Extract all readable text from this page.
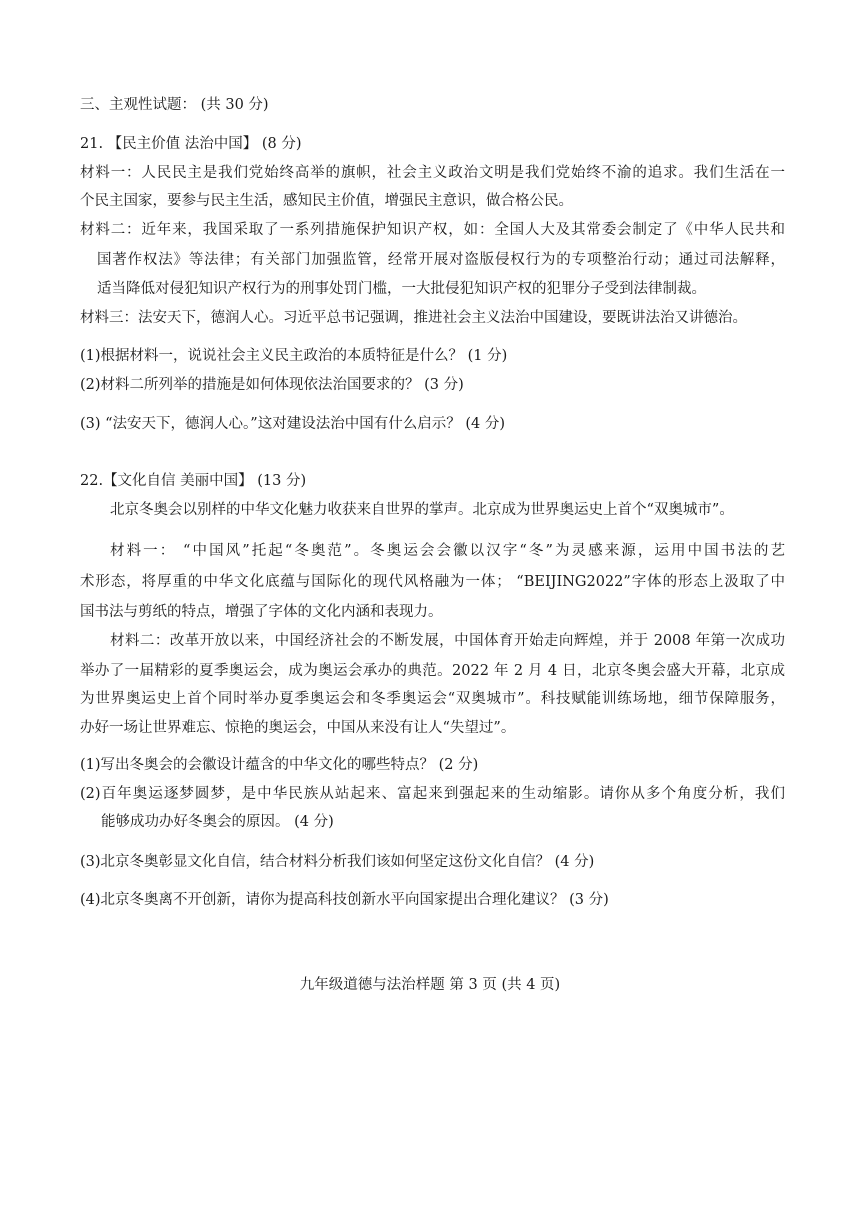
三、主观性试题： (共 30 分)
21. 【民主价值 法治中国】 (8 分)
材料一：人民民主是我们党始终高举的旗帜，社会主义政治文明是我们党始终不渝的追求。我们生活在一
个民主国家，要参与民主生活，感知民主价值，增强民主意识，做合格公民。
材料二：近年来，我国采取了一系列措施保护知识产权，如：全国人大及其常委会制定了《中华人民共和
国著作权法》等法律；有关部门加强监管，经常开展对盗版侵权行为的专项整治行动；通过司法解释，
适当降低对侵犯知识产权行为的刑事处罚门槛，一大批侵犯知识产权的犯罪分子受到法律制裁。
材料三：法安天下，德润人心。习近平总书记强调，推进社会主义法治中国建设，要既讲法治又讲德治。
(1)根据材料一，说说社会主义民主政治的本质特征是什么？ (1 分)
(2)材料二所列举的措施是如何体现依法治国要求的？ (3 分)
(3) “法安天下，德润人心。”这对建设法治中国有什么启示？ (4 分)
22.【文化自信 美丽中国】 (13 分)
北京冬奥会以别样的中华文化魅力收获来自世界的掌声。北京成为世界奥运史上首个“双奥城市”。
材料一： “中国风”托起“冬奥范”。冬奥运会会徽以汉字“冬”为灵感来源，运用中国书法的艺
术形态，将厚重的中华文化底蕴与国际化的现代风格融为一体； “BEIJING2022”字体的形态上汲取了中
国书法与剪纸的特点，增强了字体的文化内涵和表现力。
材料二：改革开放以来，中国经济社会的不断发展，中国体育开始走向辉煌，并于 2008 年第一次成功
举办了一届精彩的夏季奥运会，成为奥运会承办的典范。2022 年 2 月 4 日，北京冬奥会盛大开幕，北京成
为世界奥运史上首个同时举办夏季奥运会和冬季奥运会“双奥城市”。科技赋能训练场地，细节保障服务，
办好一场让世界难忘、惊艳的奥运会，中国从来没有让人“失望过”。
(1)写出冬奥会的会徽设计蕴含的中华文化的哪些特点？ (2 分)
(2)百年奥运逐梦圆梦，是中华民族从站起来、富起来到强起来的生动缩影。请你从多个角度分析，我们
能够成功办好冬奥会的原因。 (4 分)
(3)北京冬奥彰显文化自信，结合材料分析我们该如何坚定这份文化自信？ (4 分)
(4)北京冬奥离不开创新，请你为提高科技创新水平向国家提出合理化建议？ (3 分)
九年级道德与法治样题 第 3 页 (共 4 页)
